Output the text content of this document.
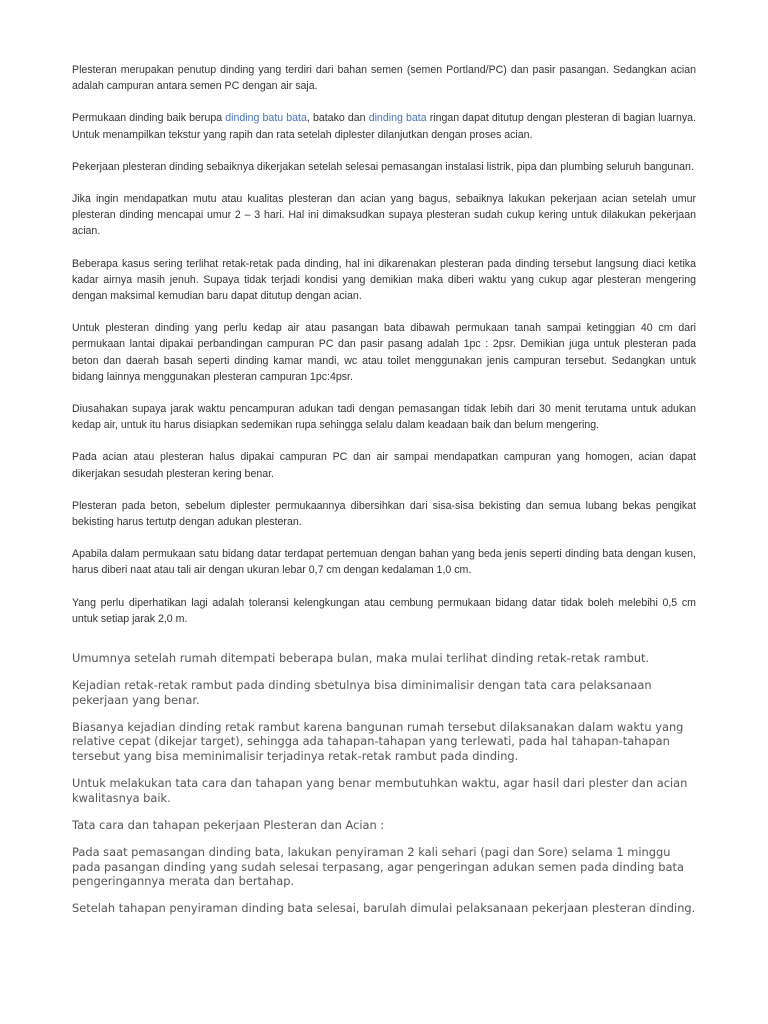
Plesteran merupakan penutup dinding yang terdiri dari bahan semen (semen Portland/PC) dan pasir pasangan. Sedangkan acian adalah campuran antara semen PC dengan air saja.

Permukaan dinding baik berupa dinding batu bata, batako dan dinding bata ringan dapat ditutup dengan plesteran di bagian luarnya. Untuk menampilkan tekstur yang rapih dan rata setelah diplester dilanjutkan dengan proses acian.

Pekerjaan plesteran dinding sebaiknya dikerjakan setelah selesai pemasangan instalasi listrik, pipa dan plumbing seluruh bangunan.

Jika ingin mendapatkan mutu atau kualitas plesteran dan acian yang bagus, sebaiknya lakukan pekerjaan acian setelah umur plesteran dinding mencapai umur 2 – 3 hari. Hal ini dimaksudkan supaya plesteran sudah cukup kering untuk dilakukan pekerjaan acian.

Beberapa kasus sering terlihat retak-retak pada dinding, hal ini dikarenakan plesteran pada dinding tersebut langsung diaci ketika kadar airnya masih jenuh. Supaya tidak terjadi kondisi yang demikian maka diberi waktu yang cukup agar plesteran mengering dengan maksimal kemudian baru dapat ditutup dengan acian.

Untuk plesteran dinding yang perlu kedap air atau pasangan bata dibawah permukaan tanah sampai ketinggian 40 cm dari permukaan lantai dipakai perbandingan campuran PC dan pasir pasang adalah 1pc : 2psr. Demikian juga untuk plesteran pada beton dan daerah basah seperti dinding kamar mandi, wc atau toilet menggunakan jenis campuran tersebut. Sedangkan untuk bidang lainnya menggunakan plesteran campuran 1pc:4psr.

Diusahakan supaya jarak waktu pencampuran adukan tadi dengan pemasangan tidak lebih dari 30 menit terutama untuk adukan kedap air, untuk itu harus disiapkan sedemikan rupa sehingga selalu dalam keadaan baik dan belum mengering.

Pada acian atau plesteran halus dipakai campuran PC dan air sampai mendapatkan campuran yang homogen, acian dapat dikerjakan sesudah plesteran kering benar.

Plesteran pada beton, sebelum diplester permukaannya dibersihkan dari sisa-sisa bekisting dan semua lubang bekas pengikat bekisting harus tertutp dengan adukan plesteran.

Apabila dalam permukaan satu bidang datar terdapat pertemuan dengan bahan yang beda jenis seperti dinding bata dengan kusen, harus diberi naat atau tali air dengan ukuran lebar 0,7 cm dengan kedalaman 1,0 cm.

Yang perlu diperhatikan lagi adalah toleransi kelengkungan atau cembung permukaan bidang datar tidak boleh melebihi 0,5 cm untuk setiap jarak 2,0 m.

Umumnya setelah rumah ditempati beberapa bulan, maka mulai terlihat dinding retak-retak rambut.

Kejadian retak-retak rambut pada dinding sbetulnya bisa diminimalisir dengan tata cara pelaksanaan pekerjaan yang benar.

Biasanya kejadian dinding retak rambut karena bangunan rumah tersebut dilaksanakan dalam waktu yang relative cepat (dikejar target), sehingga ada tahapan-tahapan yang terlewati, pada hal tahapan-tahapan tersebut yang bisa meminimalisir terjadinya retak-retak rambut pada dinding.

Untuk melakukan tata cara dan tahapan yang benar membutuhkan waktu, agar hasil dari plester dan acian kwalitasnya baik.

Tata cara dan tahapan pekerjaan Plesteran dan Acian :

Pada saat pemasangan dinding bata, lakukan penyiraman 2 kali sehari (pagi dan Sore) selama 1 minggu pada pasangan dinding yang sudah selesai terpasang, agar pengeringan adukan semen pada dinding bata pengeringannya merata dan bertahap.

Setelah tahapan penyiraman dinding bata selesai, barulah dimulai pelaksanaan pekerjaan plesteran dinding.
